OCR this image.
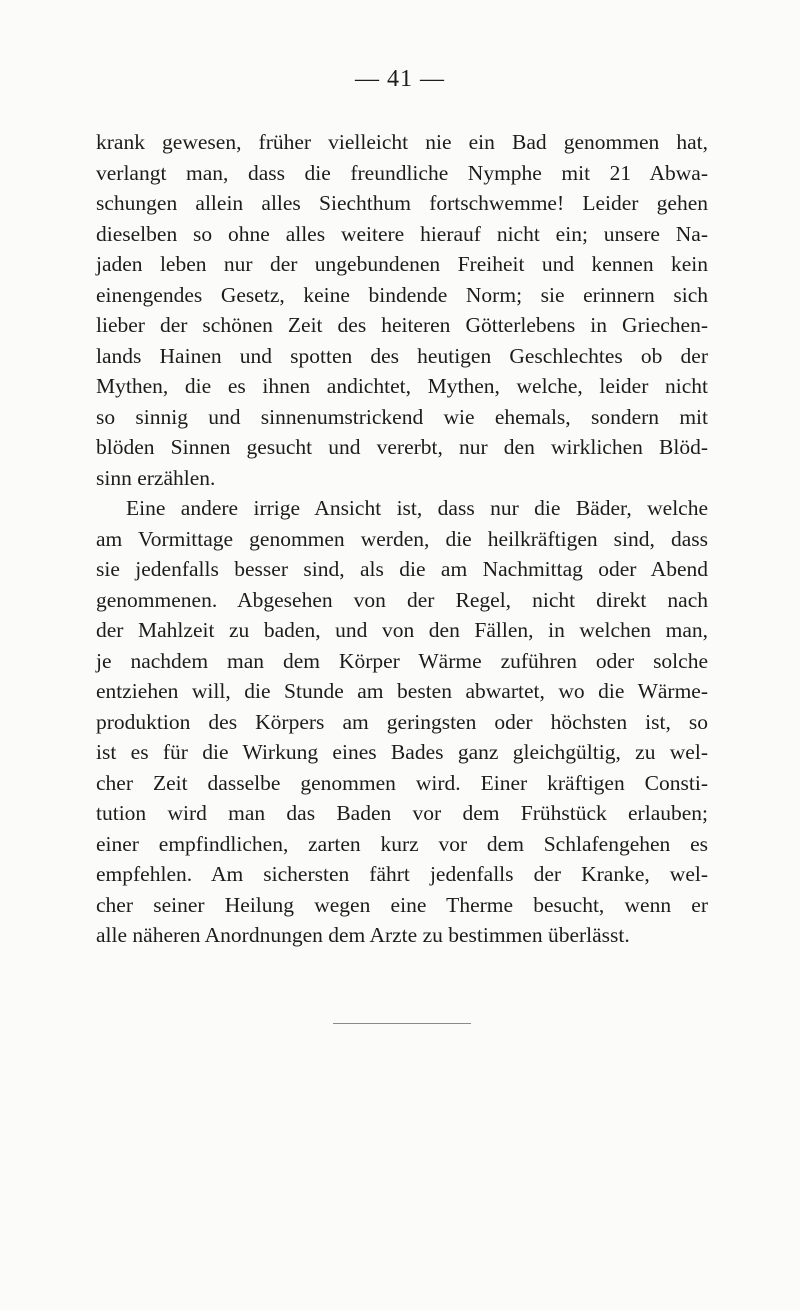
— 41 —
krank gewesen, früher vielleicht nie ein Bad genommen hat,
verlangt man, dass die freundliche Nymphe mit 21 Abwa-
schungen allein alles Siechthum fortschwemme! Leider gehen
dieselben so ohne alles weitere hierauf nicht ein; unsere Na-
jaden leben nur der ungebundenen Freiheit und kennen kein
einengendes Gesetz, keine bindende Norm; sie erinnern sich
lieber der schönen Zeit des heiteren Götterlebens in Griechen-
lands Hainen und spotten des heutigen Geschlechtes ob der
Mythen, die es ihnen andichtet, Mythen, welche, leider nicht
so sinnig und sinnenumstrickend wie ehemals, sondern mit
blöden Sinnen gesucht und vererbt, nur den wirklichen Blöd-
sinn erzählen.
Eine andere irrige Ansicht ist, dass nur die Bäder, welche
am Vormittage genommen werden, die heilkräftigen sind, dass
sie jedenfalls besser sind, als die am Nachmittag oder Abend
genommenen. Abgesehen von der Regel, nicht direkt nach
der Mahlzeit zu baden, und von den Fällen, in welchen man,
je nachdem man dem Körper Wärme zuführen oder solche
entziehen will, die Stunde am besten abwartet, wo die Wärme-
produktion des Körpers am geringsten oder höchsten ist, so
ist es für die Wirkung eines Bades ganz gleichgültig, zu wel-
cher Zeit dasselbe genommen wird. Einer kräftigen Consti-
tution wird man das Baden vor dem Frühstück erlauben;
einer empfindlichen, zarten kurz vor dem Schlafengehen es
empfehlen. Am sichersten fährt jedenfalls der Kranke, wel-
cher seiner Heilung wegen eine Therme besucht, wenn er
alle näheren Anordnungen dem Arzte zu bestimmen überlässt.
